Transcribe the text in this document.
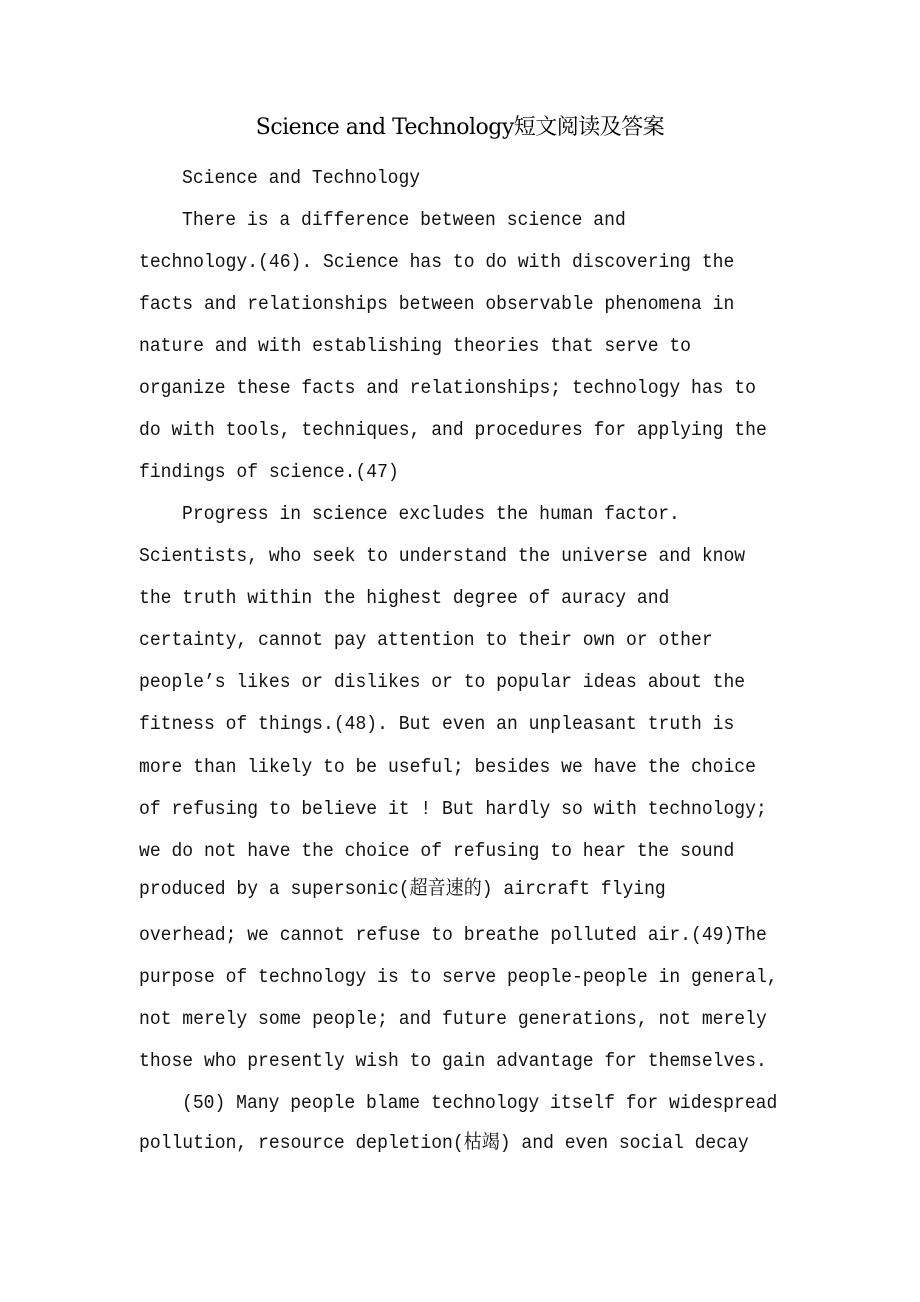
Science and Technology短文阅读及答案
Science and Technology
There is a difference between science and
technology.(46). Science has to do with discovering the
facts and relationships between observable phenomena in
nature and with establishing theories that serve to
organize these facts and relationships; technology has to
do with tools, techniques, and procedures for applying the
findings of science.(47)
Progress in science excludes the human factor.
Scientists, who seek to understand the universe and know
the truth within the highest degree of auracy and
certainty, cannot pay attention to their own or other
people’s likes or dislikes or to popular ideas about the
fitness of things.(48). But even an unpleasant truth is
more than likely to be useful; besides we have the choice
of refusing to believe it ! But hardly so with technology;
we do not have the choice of refusing to hear the sound
produced by a supersonic(超音速的) aircraft flying
overhead; we cannot refuse to breathe polluted air.(49)The
purpose of technology is to serve people-people in general,
not merely some people; and future generations, not merely
those who presently wish to gain advantage for themselves.
(50) Many people blame technology itself for widespread
pollution, resource depletion(枯竭) and even social decay
